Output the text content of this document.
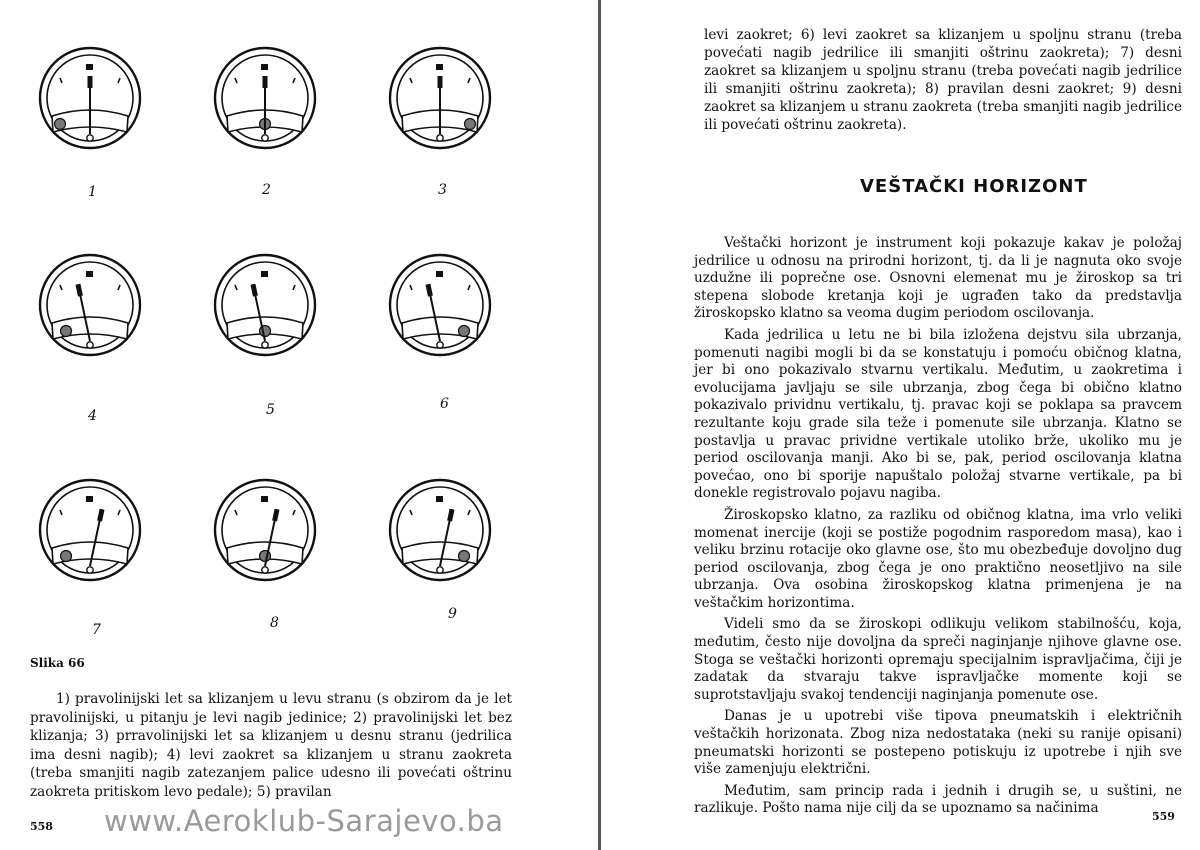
1	2	3
4	5	6
7	8
9
Slika 66

1) pravolinijski let sa klizanjem u levu stranu (s obzirom da je let pravolinijski, u pitanju je levi nagib jedinice; 2) pravolinijski let bez klizanja; 3) prravolinijski let sa klizanjem u desnu stranu (jedrilica ima desni nagib); 4) levi zaokret sa klizanjem u stranu zaokreta (treba smanjiti nagib zatezanjem palice udesno ili povećati oštrinu zaokreta pritiskom levo pedale); 5) pravilan

558

levi zaokret; 6) levi zaokret sa klizanjem u spoljnu stranu (treba povećati nagib jedrilice ili smanjiti oštrinu zaokreta); 7) desni zaokret sa klizanjem u spoljnu stranu (treba povećati nagib jedrilice ili smanjiti oštrinu zaokreta); 8) pravilan desni zaokret; 9) desni zaokret sa klizanjem u stranu zaokreta (treba smanjiti nagib jedrilice ili povećati oštrinu zaokreta).

VEŠTAČKI HORIZONT

Veštački horizont je instrument koji pokazuje kakav je položaj jedrilice u odnosu na prirodni horizont, tj. da li je nagnuta oko svoje uzdužne ili poprečne ose. Osnovni elemenat mu je žiroskop sa tri stepena slobode kretanja koji je ugrađen tako da predstavlja žiroskopsko klatno sa veoma dugim periodom oscilovanja.

Kada jedrilica u letu ne bi bila izložena dejstvu sila ubrzanja, pomenuti nagibi mogli bi da se konstatuju i pomoću običnog klatna, jer bi ono pokazivalo stvarnu vertikalu. Međutim, u zaokretima i evolucijama javljaju se sile ubrzanja, zbog čega bi obično klatno pokazivalo prividnu vertikalu, tj. pravac koji se poklapa sa pravcem rezultante koju grade sila teže i pomenute sile ubrzanja. Klatno se postavlja u pravac prividne vertikale utoliko brže, ukoliko mu je period oscilovanja manji. Ako bi se, pak, period oscilovanja klatna povećao, ono bi sporije napuštalo položaj stvarne vertikale, pa bi donekle registrovalo pojavu nagiba.

Žiroskopsko klatno, za razliku od običnog klatna, ima vrlo veliki momenat inercije (koji se postiže pogodnim rasporedom masa), kao i veliku brzinu rotacije oko glavne ose, što mu obezbeđuje dovoljno dug period oscilovanja, zbog čega je ono praktično neosetljivo na sile ubrzanja. Ova osobina žiroskopskog klatna primenjena je na veštačkim horizontima.

Videli smo da se žiroskopi odlikuju velikom stabilnošću, koja, međutim, često nije dovoljna da spreči naginjanje njihove glavne ose. Stoga se veštački horizonti opremaju specijalnim ispravljačima, čiji je zadatak da stvaraju takve ispravljačke momente koji se suprotstavljaju svakoj tendenciji naginjanja pomenute ose.

Danas je u upotrebi više tipova pneumatskih i električnih veštačkih horizonata. Zbog niza nedostataka (neki su ranije opisani) pneumatski horizonti se postepeno potiskuju iz upotrebe i njih sve više zamenjuju električni.

Međutim, sam princip rada i jednih i drugih se, u suštini, ne razlikuje. Pošto nama nije cilj da se upoznamo sa načinima

559
www.Aeroklub-Sarajevo.ba
